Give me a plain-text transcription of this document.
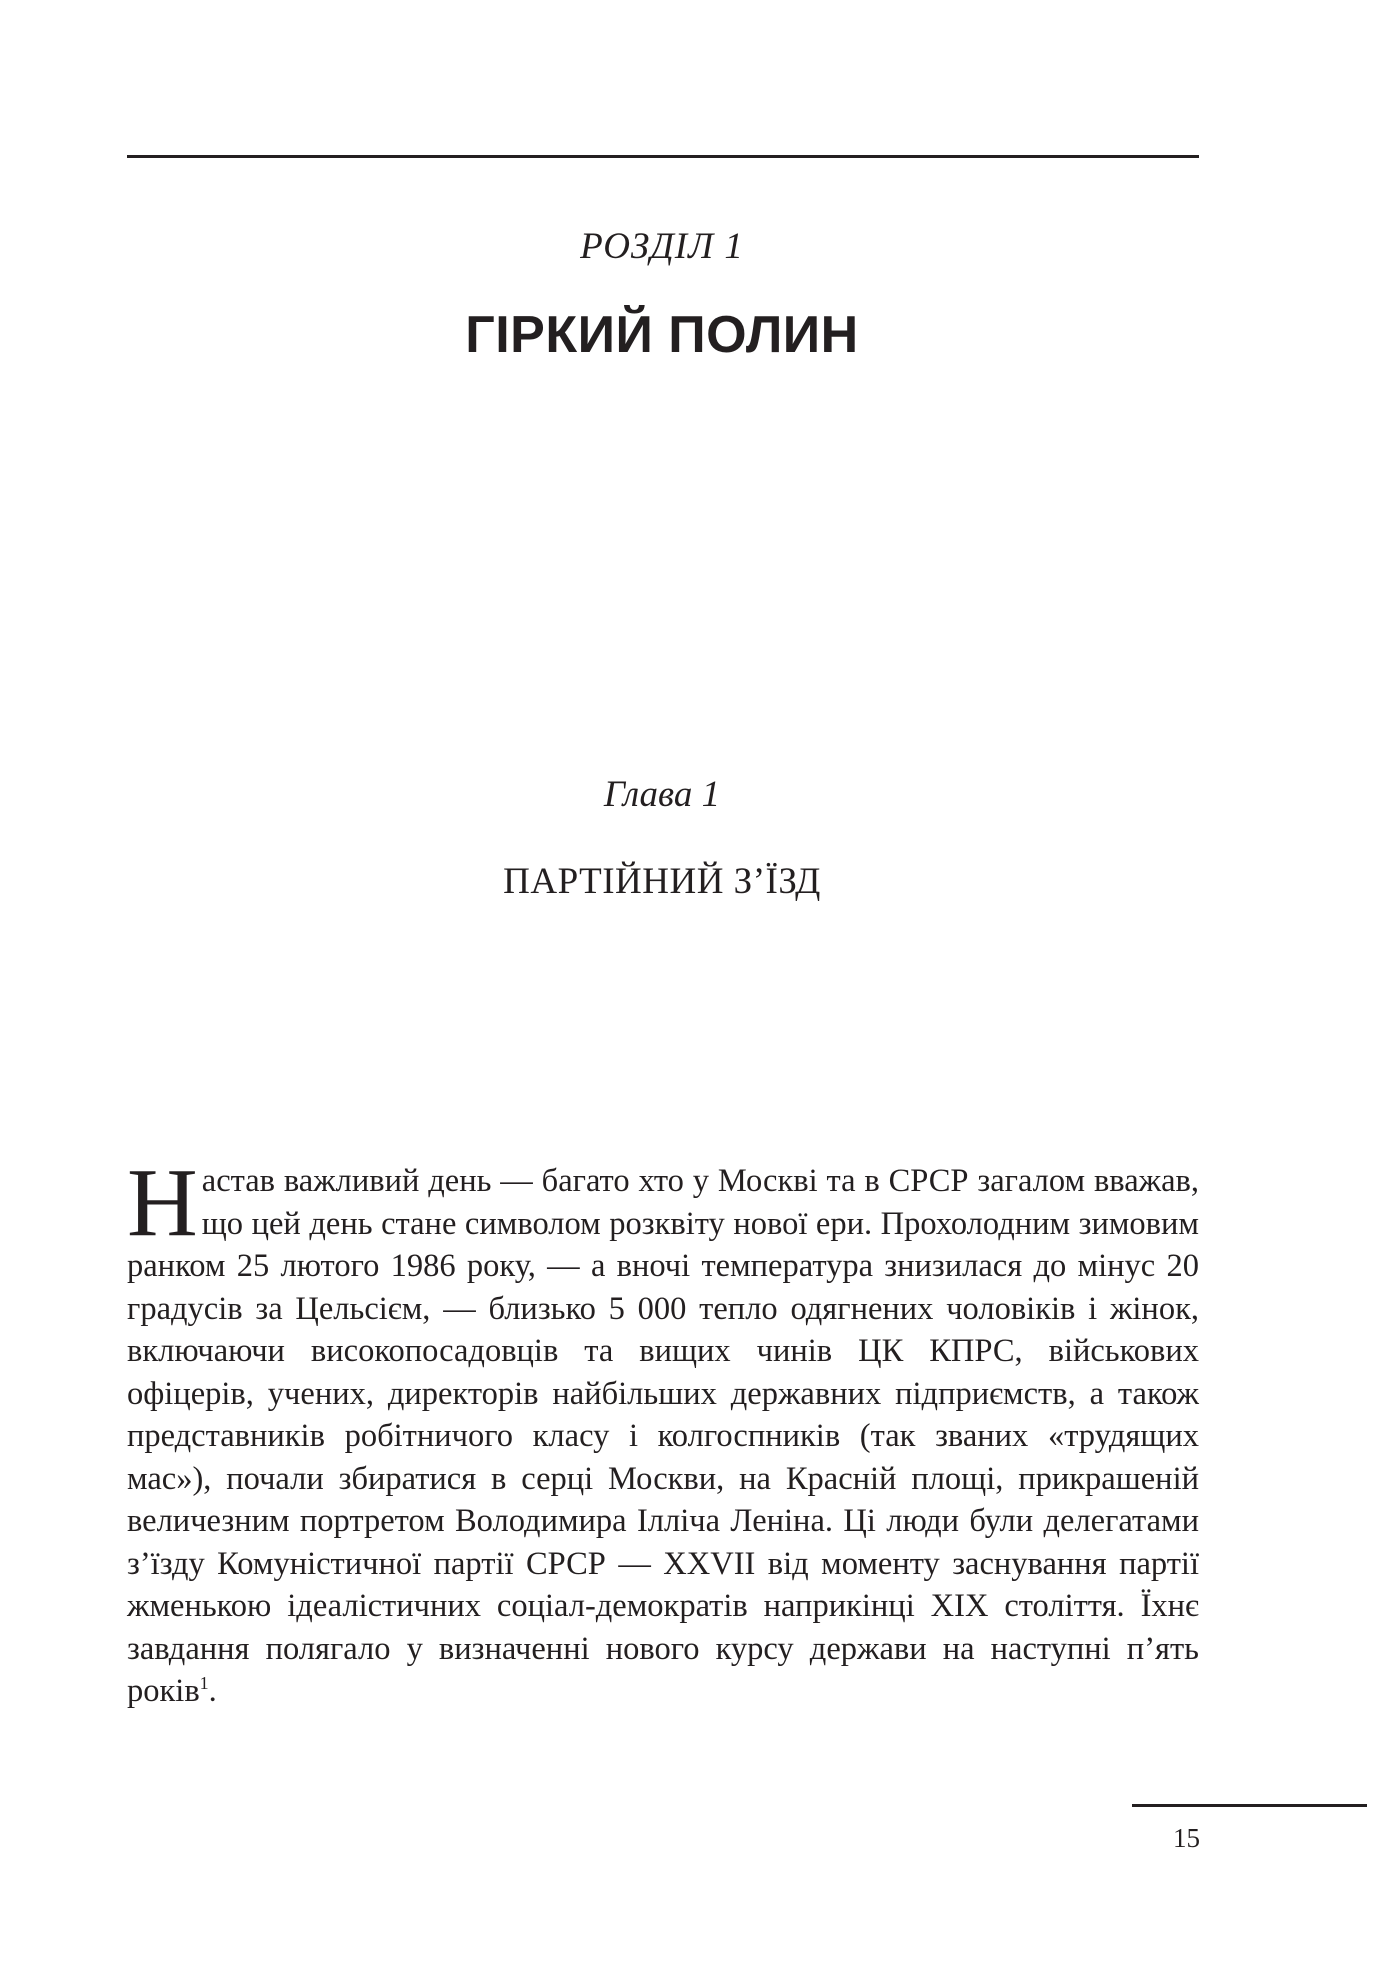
РОЗДІЛ 1
ГІРКИЙ ПОЛИН
Глава 1
ПАРТІЙНИЙ З’ЇЗД
Настав важливий день — багато хто у Москві та в СРСР загалом вважав, що цей день стане символом розквіту нової ери. Прохолодним зимовим ранком 25 лютого 1986 року, — а вночі температура знизилася до мінус 20 градусів за Цельсієм, — близько 5 000 тепло одягнених чоловіків і жінок, включаючи високопосадовців та вищих чинів ЦК КПРС, військових офіцерів, учених, директорів найбільших державних підприємств, а також представників робітничого класу і колгоспників (так званих «трудящих мас»), почали збиратися в серці Москви, на Красній площі, прикрашеній величезним портретом Володимира Ілліча Леніна. Ці люди були делегатами з’їзду Комуністичної партії СРСР — XXVII від моменту заснування партії жменькою ідеалістичних соціал-демократів наприкінці XIX століття. Їхнє завдання полягало у визначенні нового курсу держави на наступні п’ять років$^1$.
15
